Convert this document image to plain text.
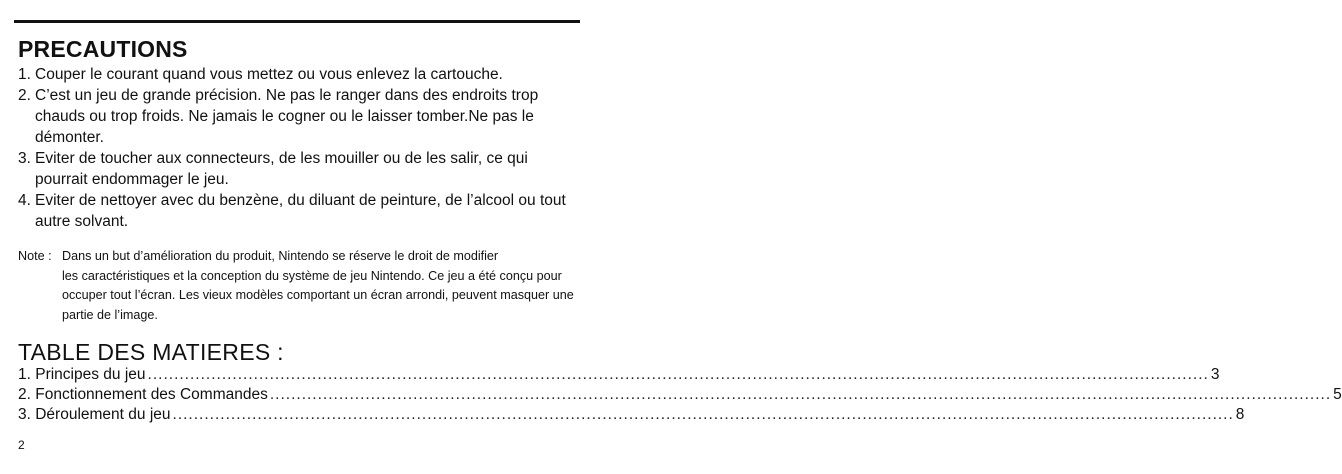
PRECAUTIONS
1. Couper le courant quand vous mettez ou vous enlevez la cartouche.
2. C’est un jeu de grande précision. Ne pas le ranger dans des endroits trop chauds ou trop froids. Ne jamais le cogner ou le laisser tomber.Ne pas le démonter.
3. Eviter de toucher aux connecteurs, de les mouiller ou de les salir, ce qui pourrait endommager le jeu.
4. Eviter de nettoyer avec du benzène, du diluant de peinture, de l’alcool ou tout autre solvant.
Note : Dans un but d’amélioration du produit, Nintendo se réserve le droit de modifier
les caractéristiques et la conception du système de jeu Nintendo. Ce jeu a été conçu pour occuper tout l’écran. Les vieux modèles comportant un écran arrondi, peuvent masquer une partie de l’image.
TABLE DES MATIERES :
1. Principes du jeu ........................................................................................................................................................................................................ 3
2. Fonctionnement des Commandes ........................................................................................................................................................................................................ 5
3. Déroulement du jeu ........................................................................................................................................................................................................ 8
2
